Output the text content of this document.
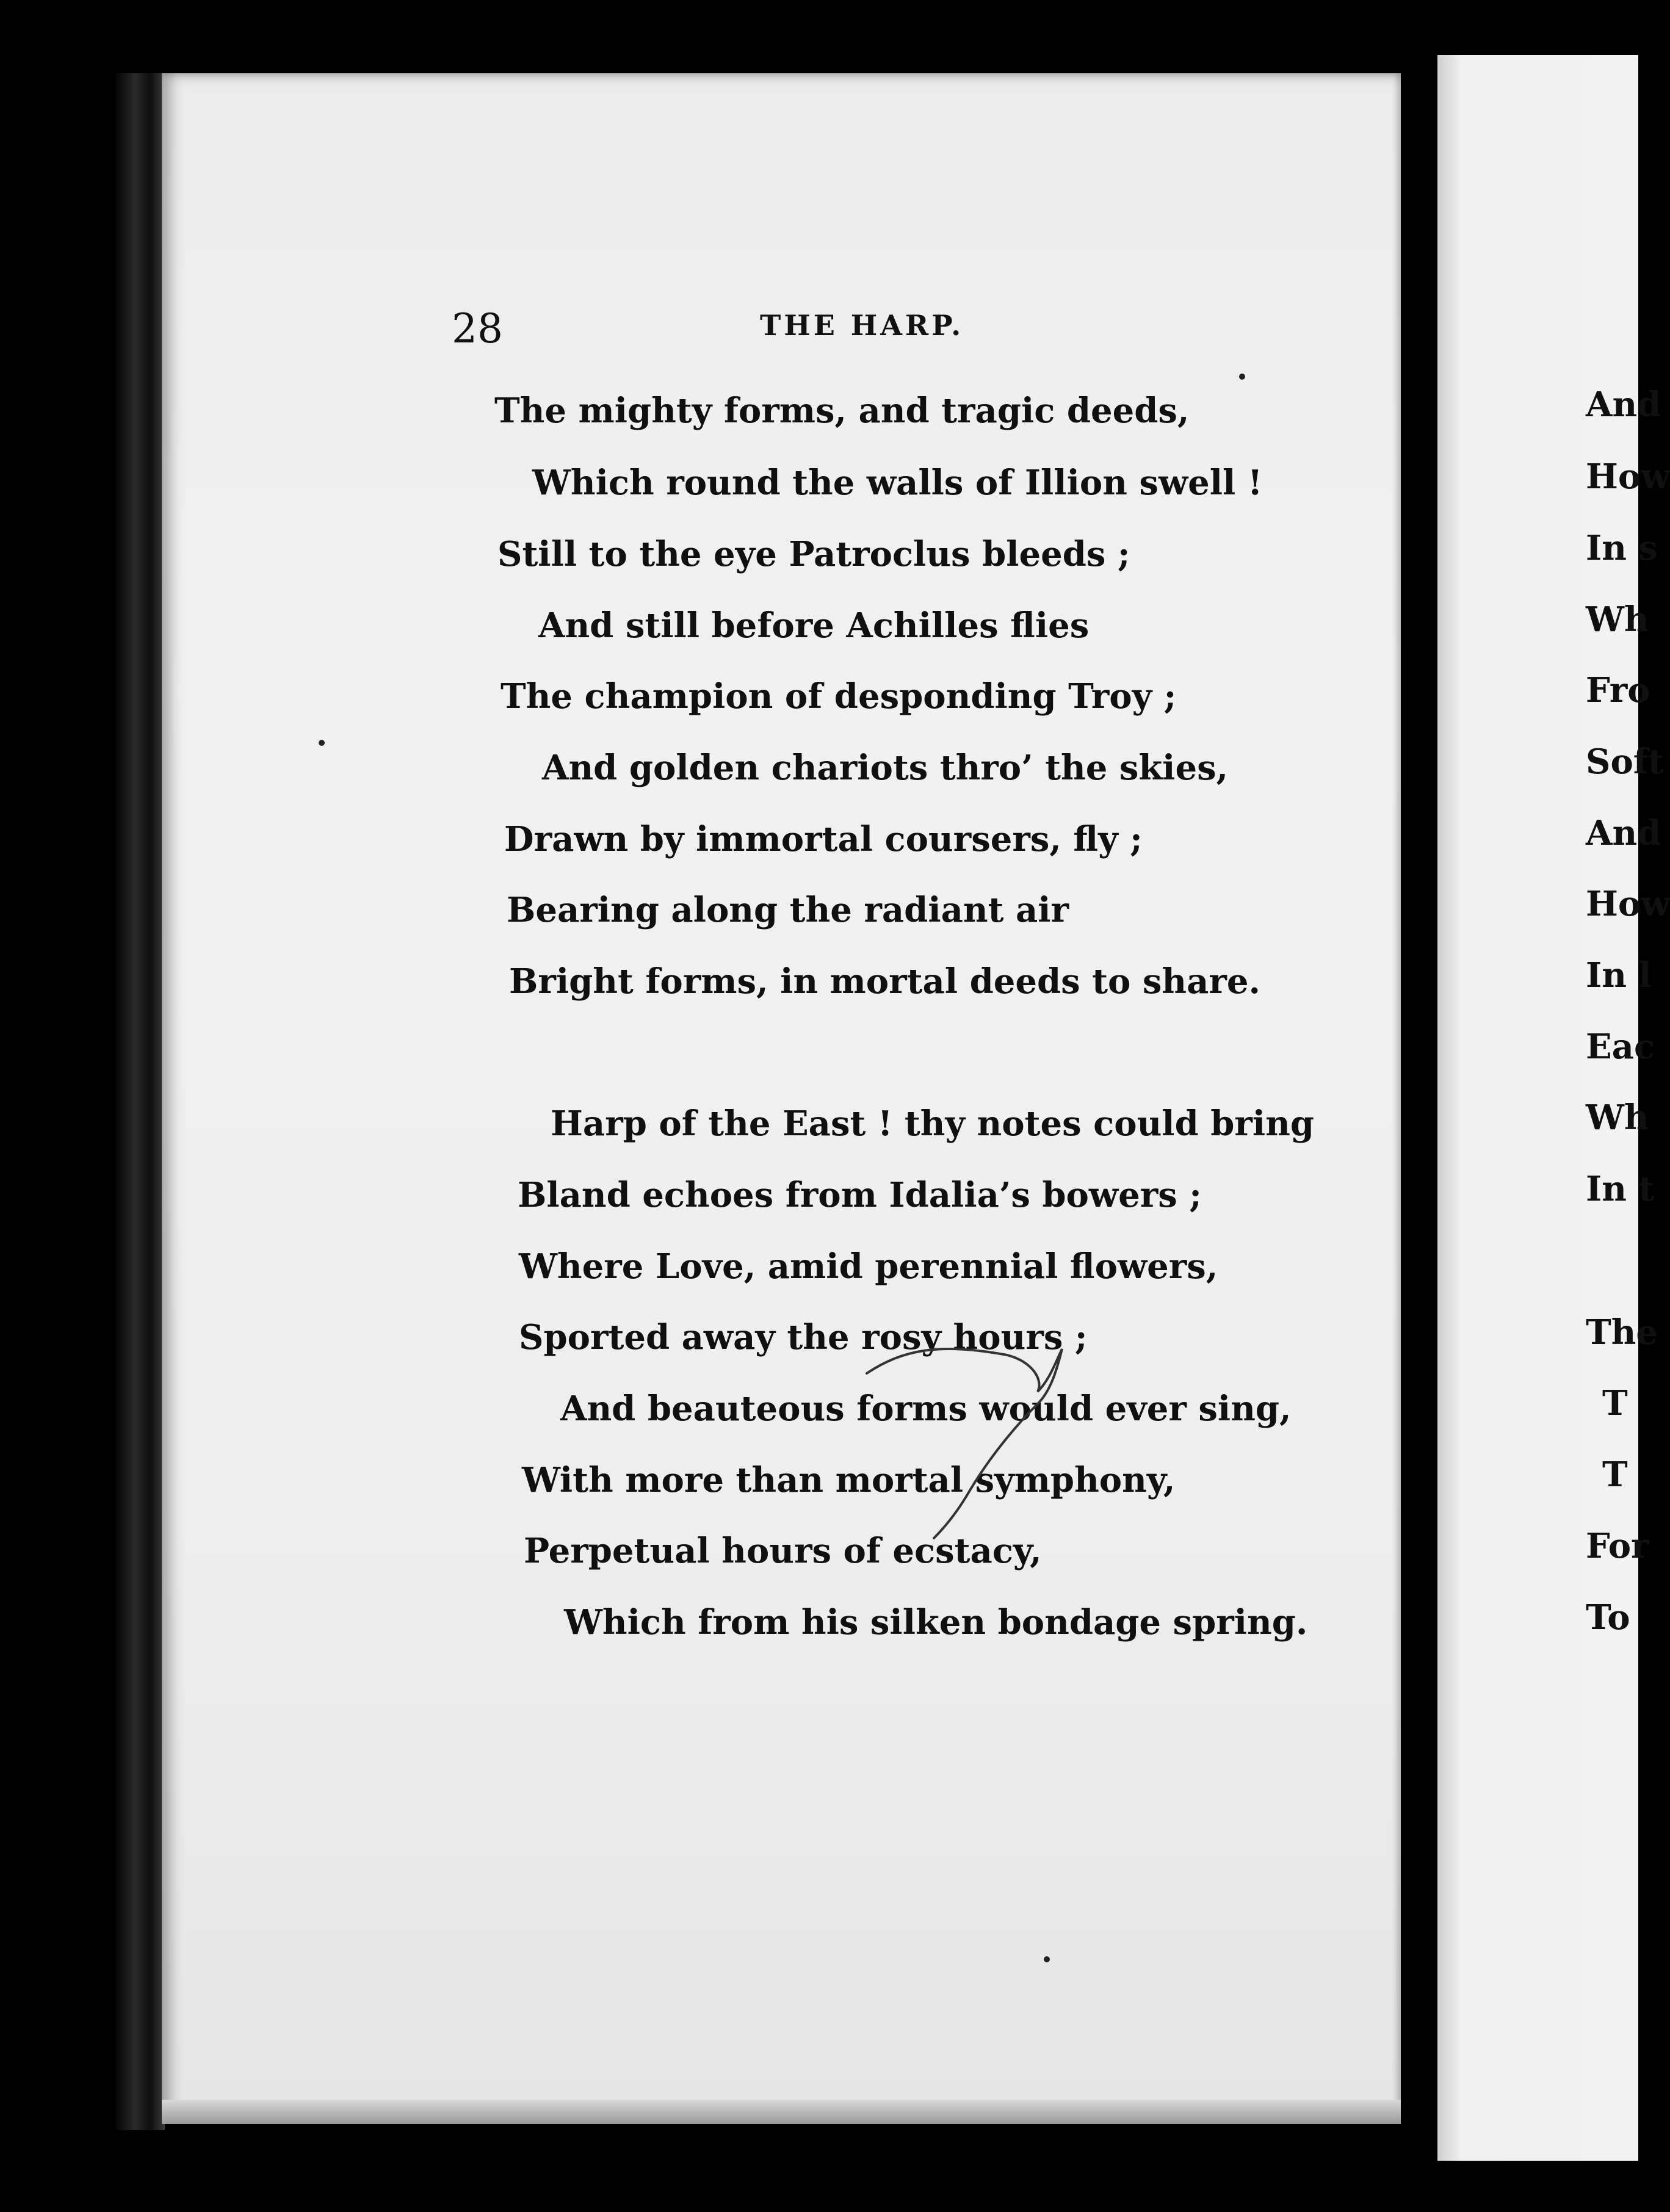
28	THE HARP.
The mighty forms, and tragic deeds,
Which round the walls of Illion swell !
Still to the eye Patroclus bleeds ;
And still before Achilles flies
The champion of desponding Troy ;
And golden chariots thro’ the skies,
Drawn by immortal coursers, fly ;
Bearing along the radiant air
Bright forms, in mortal deeds to share.
Harp of the East ! thy notes could bring
Bland echoes from Idalia’s bowers ;
Where Love, amid perennial flowers,
Sported away the rosy hours ;
And beauteous forms would ever sing,
With more than mortal symphony,
Perpetual hours of ecstacy,
Which from his silken bondage spring.
And
How
In s
Wh
Fro
Soft
And
How
In l
Eac
Wh
In t
The
T
T
For
To
